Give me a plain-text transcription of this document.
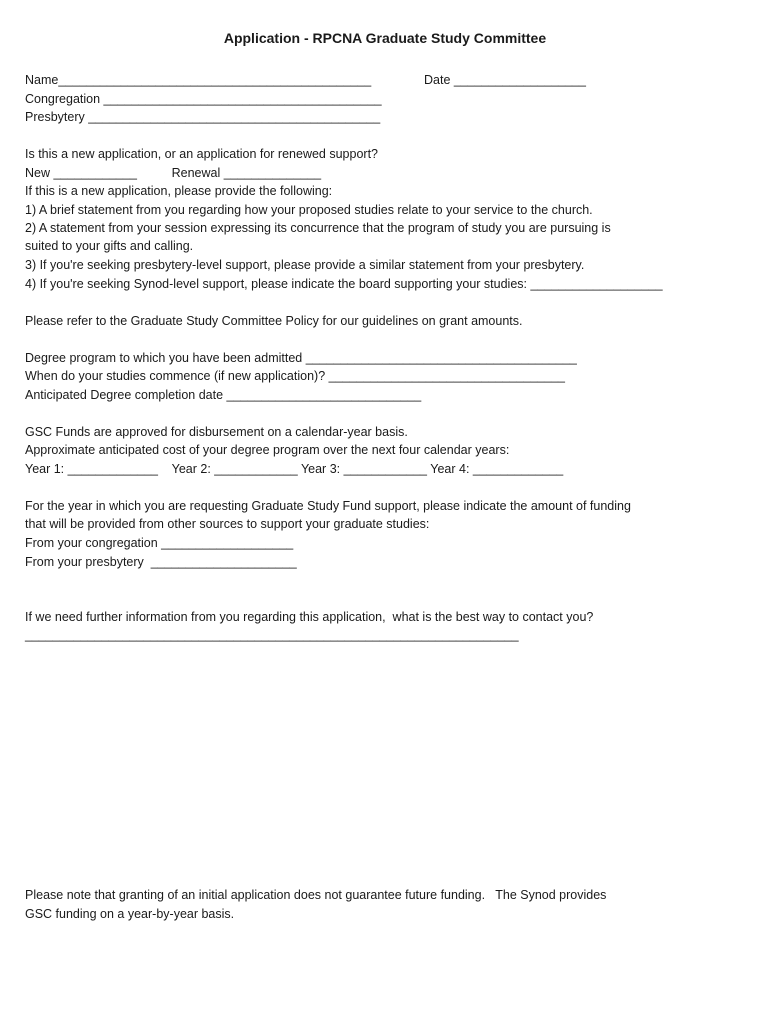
Application - RPCNA Graduate Study Committee
Name_____________________________________________	Date ___________________
Congregation ________________________________________
Presbytery __________________________________________
Is this a new application, or an application for renewed support?
New ____________          Renewal ______________
If this is a new application, please provide the following:
1) A brief statement from you regarding how your proposed studies relate to your service to the church.
2) A statement from your session expressing its concurrence that the program of study you are pursuing is
suited to your gifts and calling.
3) If you're seeking presbytery-level support, please provide a similar statement from your presbytery.
4) If you're seeking Synod-level support, please indicate the board supporting your studies: ___________________
Please refer to the Graduate Study Committee Policy for our guidelines on grant amounts.
Degree program to which you have been admitted _______________________________________
When do your studies commence (if new application)? __________________________________
Anticipated Degree completion date ____________________________
GSC Funds are approved for disbursement on a calendar-year basis.
Approximate anticipated cost of your degree program over the next four calendar years:
Year 1: _____________    Year 2: ____________ Year 3: ____________ Year 4: _____________
For the year in which you are requesting Graduate Study Fund support, please indicate the amount of funding
that will be provided from other sources to support your graduate studies:
From your congregation ___________________
From your presbytery  _____________________
If we need further information from you regarding this application,  what is the best way to contact you?
_______________________________________________________________________
Please note that granting of an initial application does not guarantee future funding.   The Synod provides
GSC funding on a year-by-year basis.
